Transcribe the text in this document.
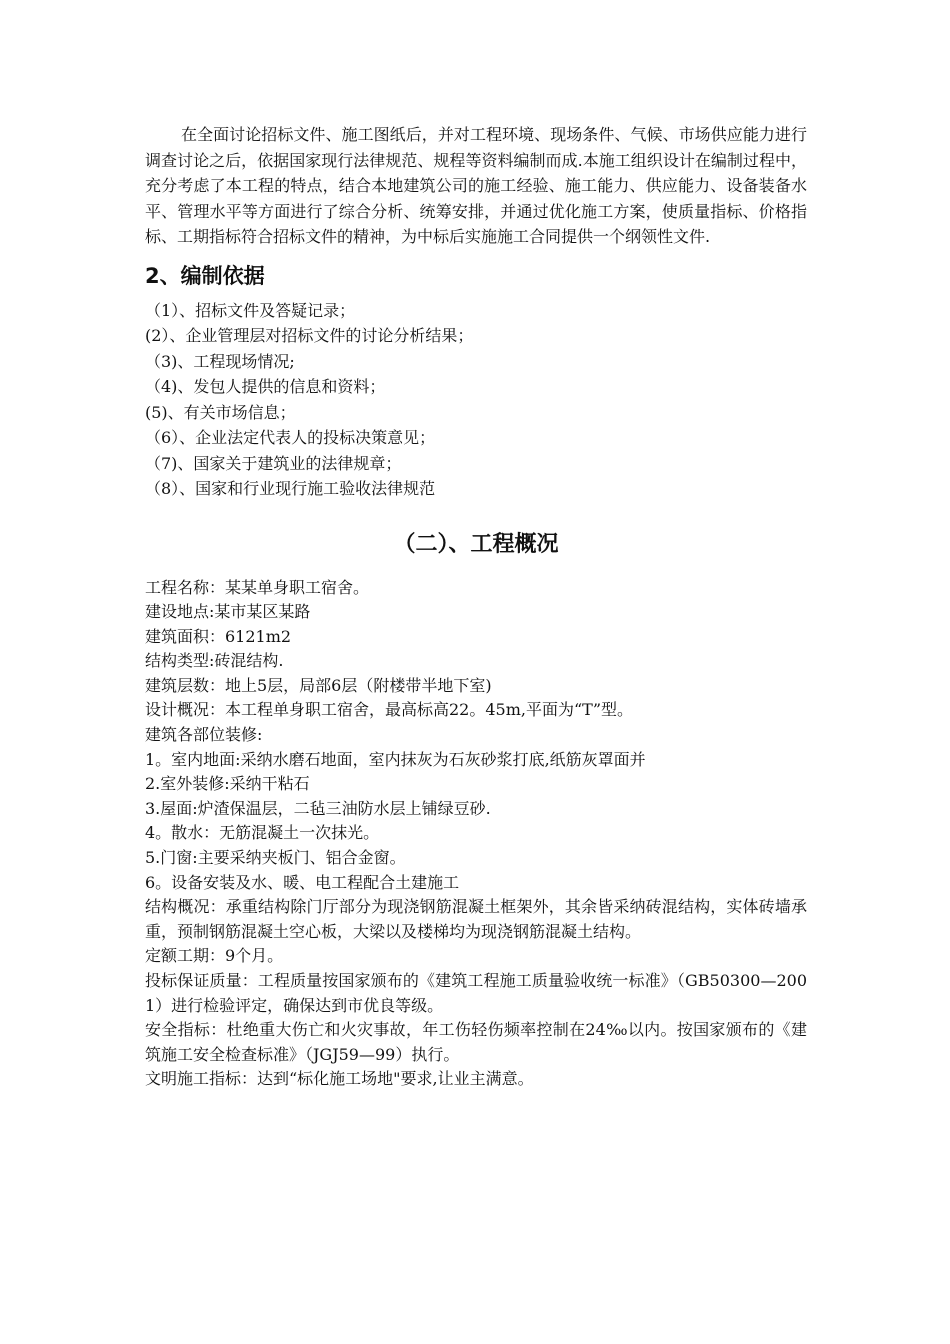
在全面讨论招标文件、施工图纸后，并对工程环境、现场条件、气候、市场供应能力进行调查讨论之后，依据国家现行法律规范、规程等资料编制而成.本施工组织设计在编制过程中，充分考虑了本工程的特点，结合本地建筑公司的施工经验、施工能力、供应能力、设备装备水平、管理水平等方面进行了综合分析、统筹安排，并通过优化施工方案，使质量指标、价格指标、工期指标符合招标文件的精神，为中标后实施施工合同提供一个纲领性文件.

2、编制依据
（1）、招标文件及答疑记录；
(2）、企业管理层对招标文件的讨论分析结果；
（3)、工程现场情况;
（4)、发包人提供的信息和资料；
(5)、有关市场信息；
（6）、企业法定代表人的投标决策意见；
（7)、国家关于建筑业的法律规章；
（8）、国家和行业现行施工验收法律规范
（二）、工程概况

工程名称：某某单身职工宿舍。

建设地点:某市某区某路

建筑面积：6121m2

结构类型:砖混结构.

建筑层数：地上5层，局部6层（附楼带半地下室)

设计概况：本工程单身职工宿舍，最高标高22。45m,平面为“T”型。

建筑各部位装修:

1。室内地面:采纳水磨石地面，室内抹灰为石灰砂浆打底,纸筋灰罩面并

2.室外装修:采纳干粘石

3.屋面:炉渣保温层，二毡三油防水层上铺绿豆砂.

4。散水：无筋混凝土一次抹光。

5.门窗:主要采纳夹板门、铝合金窗。

6。设备安装及水、暖、电工程配合土建施工

结构概况：承重结构除门厅部分为现浇钢筋混凝土框架外，其余皆采纳砖混结构，实体砖墙承重，预制钢筋混凝土空心板，大梁以及楼梯均为现浇钢筋混凝土结构。

定额工期：9个月。

投标保证质量：工程质量按国家颁布的《建筑工程施工质量验收统一标准》（GB50300—2001）进行检验评定，确保达到市优良等级。

安全指标：杜绝重大伤亡和火灾事故，年工伤轻伤频率控制在24‰以内。按国家颁布的《建筑施工安全检查标准》（JGJ59—99）执行。

文明施工指标：达到“标化施工场地"要求,让业主满意。
